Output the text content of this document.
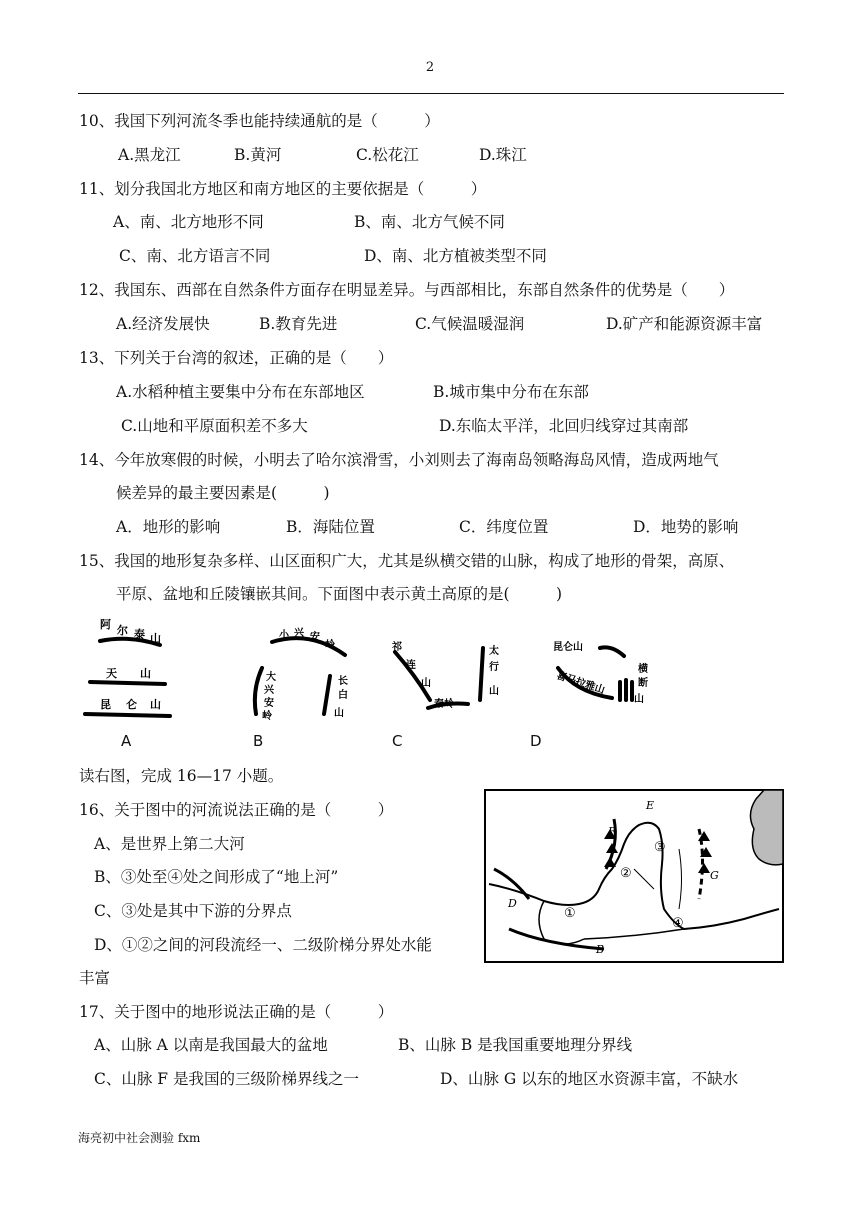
2
10、我国下列河流冬季也能持续通航的是（　　　）
A.黑龙江	B.黄河	C.松花江	D.珠江
11、划分我国北方地区和南方地区的主要依据是（　　　）
A、南、北方地形不同	B、南、北方气候不同
C、南、北方语言不同	D、南、北方植被类型不同
12、我国东、西部在自然条件方面存在明显差异。与西部相比，东部自然条件的优势是（　　）
A.经济发展快	B.教育先进	C.气候温暖湿润	D.矿产和能源资源丰富
13、下列关于台湾的叙述，正确的是（　　）
A.水稻种植主要集中分布在东部地区	B.城市集中分布在东部
C.山地和平原面积差不多大	D.东临太平洋，北回归线穿过其南部
14、今年放寒假的时候，小明去了哈尔滨滑雪，小刘则去了海南岛领略海岛风情，造成两地气
候差异的最主要因素是(　　　)
A．地形的影响	B．海陆位置	C．纬度位置	D．地势的影响
15、我国的地形复杂多样、山区面积广大，尤其是纵横交错的山脉，构成了地形的骨架，高原、
平原、盆地和丘陵镶嵌其间。下面图中表示黄土高原的是(　　　)
阿 尔 泰 山
天 山
昆 仑 山
小 兴 安
岭
大
兴
安
岭
长
白
山
祁
连
山
太
行
山
秦岭
昆仑山
喜马拉雅山
横
断
山
A	B	C	D
读右图，完成 16—17 小题。
①
②
③
④
E
F
G
D
B
16、关于图中的河流说法正确的是（　　　）
A、是世界上第二大河
B、③处至④处之间形成了“地上河”
C、③处是其中下游的分界点
D、①②之间的河段流经一、二级阶梯分界处水能
丰富
17、关于图中的地形说法正确的是（　　　）
A、山脉 A 以南是我国最大的盆地	B、山脉 B 是我国重要地理分界线
C、山脉 F 是我国的三级阶梯界线之一	D、山脉 G 以东的地区水资源丰富，不缺水
海亮初中社会测验 fxm
